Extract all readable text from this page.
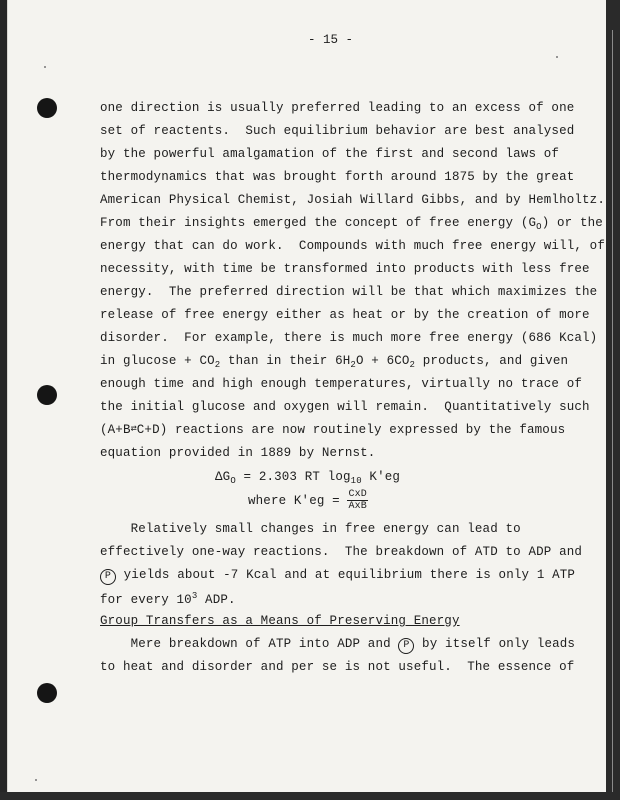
- 15 -
one direction is usually preferred leading to an excess of one
set of reactents.  Such equilibrium behavior are best analysed
by the powerful amalgamation of the first and second laws of
thermodynamics that was brought forth around 1875 by the great
American Physical Chemist, Josiah Willard Gibbs, and by Hemlholtz.
From their insights emerged the concept of free energy $(G_O)$ or the
energy that can do work.  Compounds with much free energy will, of
necessity, with time be transformed into products with less free
energy.  The preferred direction will be that which maximizes the
release of free energy either as heat or by the creation of more
disorder.  For example, there is much more free energy (686 Kcal)
in $glucose + CO_2$ than in their $6H_2O + 6CO_2$ products, and given
enough time and high enough temperatures, virtually no trace of
the initial glucose and oxygen will remain.  Quantitatively such
(A+B⇄C+D) reactions are now routinely expressed by the famous
equation provided in 1889 by Nernst.
$\Delta G_O = 2.303$ RT $\log_{10} K'eg$
where $K'eg = \frac{\text{CxD}}{\text{AxB}}$
Relatively small changes in free energy can lead to
effectively one-way reactions.  The breakdown of ATD to ADP and
P yields about -7 Kcal and at equilibrium there is only 1 ATP
for every $10^3$ ADP.
Group Transfers as a Means of Preserving Energy
Mere breakdown of ATP into ADP and P by itself only leads
to heat and disorder and per se is not useful.  The essence of
